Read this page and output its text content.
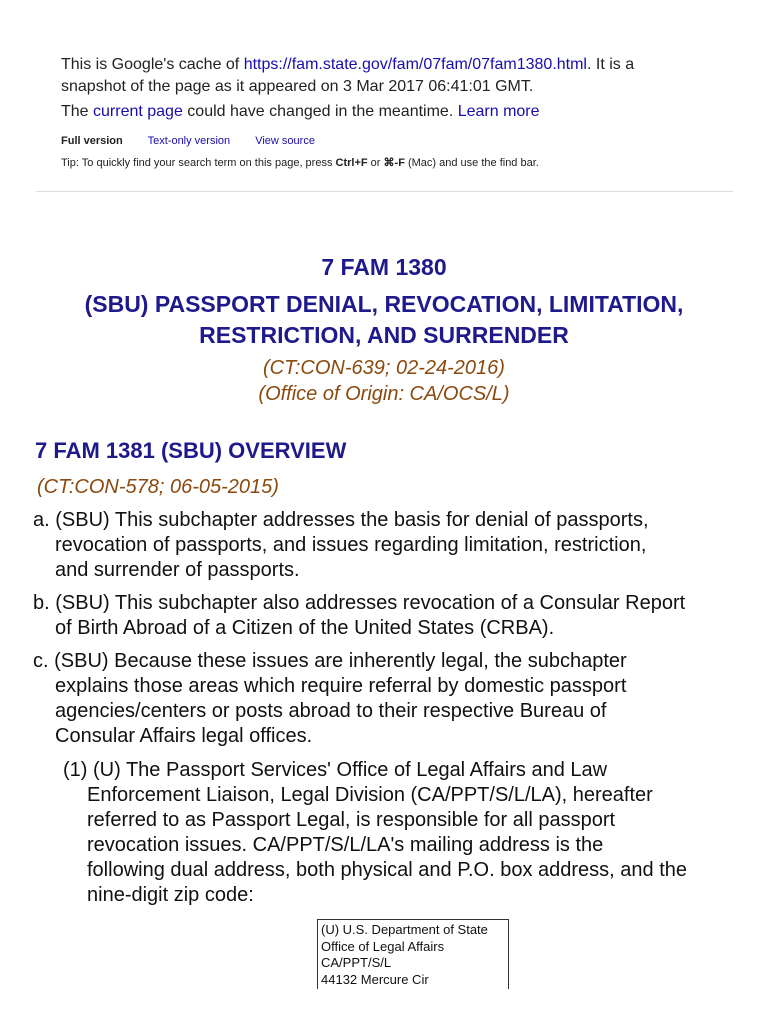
This is Google's cache of https://fam.state.gov/fam/07fam/07fam1380.html. It is a

snapshot of the page as it appeared on 3 Mar 2017 06:41:01 GMT.

The current page could have changed in the meantime. Learn more

Full version Text-only version View source
Tip: To quickly find your search term on this page, press Ctrl+F or ⌘-F (Mac) and use the find bar.
7 FAM 1380
(SBU) PASSPORT DENIAL, REVOCATION, LIMITATION,
RESTRICTION, AND SURRENDER
(CT:CON-639; 02-24-2016)
(Office of Origin: CA/OCS/L)
7 FAM 1381 (SBU) OVERVIEW
(CT:CON-578; 06-05-2015)
a. (SBU) This subchapter addresses the basis for denial of passports,
revocation of passports, and issues regarding limitation, restriction,
and surrender of passports.
b. (SBU) This subchapter also addresses revocation of a Consular Report
of Birth Abroad of a Citizen of the United States (CRBA).
c. (SBU) Because these issues are inherently legal, the subchapter
explains those areas which require referral by domestic passport
agencies/centers or posts abroad to their respective Bureau of
Consular Affairs legal offices.
(1) (U) The Passport Services' Office of Legal Affairs and Law
Enforcement Liaison, Legal Division (CA/PPT/S/L/LA), hereafter
referred to as Passport Legal, is responsible for all passport
revocation issues. CA/PPT/S/L/LA's mailing address is the
following dual address, both physical and P.O. box address, and the
nine-digit zip code:
(U) U.S. Department of State
Office of Legal Affairs
CA/PPT/S/L
44132 Mercure Cir
